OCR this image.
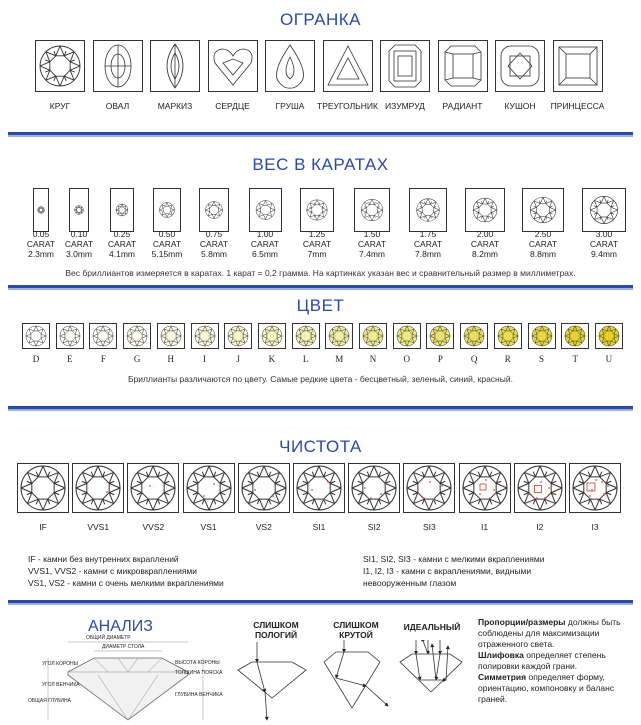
ОГРАНКА
КРУГ	ОВАЛ	МАРКИЗ	СЕРДЦЕ	ГРУША	ТРЕУГОЛЬНИК ИЗУМРУД	РАДИАНТ	КУШОН	ПРИНЦЕССА
ВЕС В КАРАТАХ
0.05
CARAT
2.3mm
0.10
CARAT
3.0mm
0.25
CARAT
4.1mm
0.50
CARAT
5.15mm
0.75
CARAT
5.8mm
1.00
CARAT
6.5mm
1.25
CARAT
7mm
1.50
CARAT
7.4mm
1.75
CARAT
7.8mm
2.00
CARAT
8.2mm
2.50
CARAT
8.8mm
3.00
CARAT
9.4mm
Вес бриллиантов измеряется в каратах. 1 карат = 0,2 грамма. На картинках указан вес и сравнительный размер в миллиметрах.
ЦВЕТ
D	E	F	G	H	I	J	K	L	M	N	O	P	Q	R	S	T	U
Бриллианты различаются по цвету. Самые редкие цвета - бесцветный, зеленый, синий, красный.
ЧИСТОТА
IF	VVS1	VVS2	VS1	VS2	SI1	SI2	SI3	I1	I2	I3
IF - камни без внутренних вкраплений
VVS1, VVS2 - камни с микровкраплениями
VS1, VS2 - камни с очень мелкими вкраплениями
SI1, SI2, SI3 - камни с мелкими вкраплениями
I1, I2, I3 - камни с вкраплениями, видными
невооруженным глазом
АНАЛИЗ
ОБЩИЙ ДИАМЕТР
ДИАМЕТР СТОЛА
УГОЛ КОРОНЫ
УГОЛ ВЕНЧИКА
ОБЩАЯ ГЛУБИНА
ВЫСОТА КОРОНЫ
ТОЛЩИНА ПОЯСКА
ГЛУБИНА ВЕНЧИКА
СЛИШКОМ ПОЛОГИЙ
СЛИШКОМ КРУТОЙ
ИДЕАЛЬНЫЙ Пропорции/размеры должны быть соблюдены для максимизации отраженного света.
Шлифовка определяет степень полировки каждой грани.
Симметрия определяет форму, ориентацию, компоновку и баланс граней.
